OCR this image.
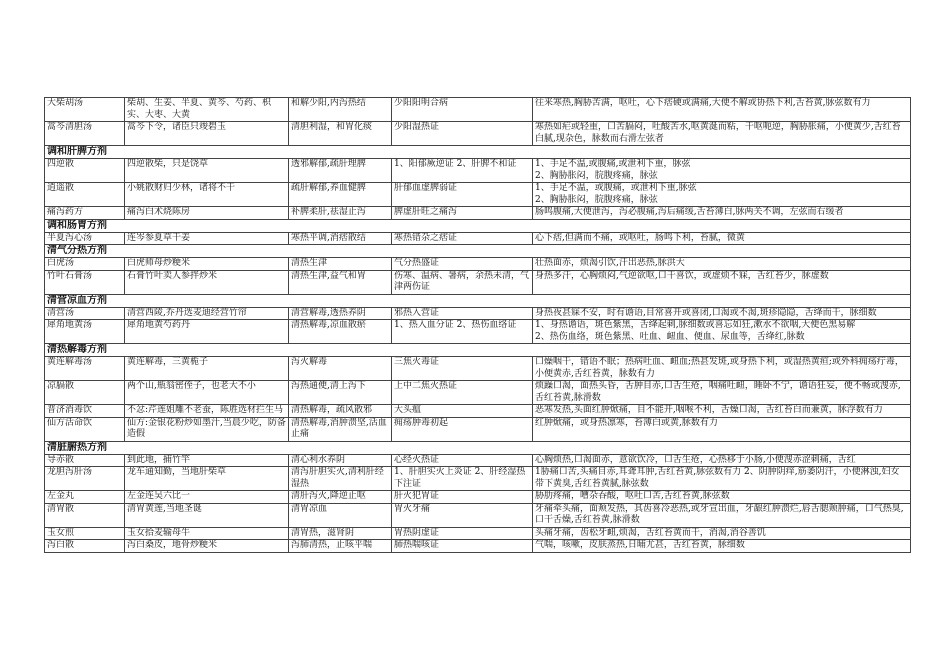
大柴胡汤	柴胡、生姜、半夏、黄芩、芍药、枳实、大枣、大黄	和解少阳,内泻热结	少阳阳明合病	往来寒热,胸胁苦满，呕吐，心下痞硬或满痛,大便不解或协热下利,舌苔黄,脉弦数有力
蒿芩清胆汤	蒿芩下令，诸臣只竣碧玉	清胆利湿，和胃化痰	少阳湿热证	寒热如疟或轻重，口苦膈闷，吐酸苦水,呕黄涎而粘，干呕呃逆，胸胁胀痛，小便黄少,舌红苔白腻,现杂色，脉数而右滑左弦者
调和肝脾方剂				
四逆散	四逆散柴，只是饶草	透邪解郁,疏肝理脾	1、阳郁厥逆证 2、肝脾不和证	1、手足不温,或腹痛,或泄利下重，脉弦
2、胸胁胀闷，脘腹疼痛，脉弦
逍遥散	小姚散财归少林，诸将不干	疏肝解郁,养血健脾	肝郁血虚脾弱证	1、手足不温，或腹痛，或泄利下重,脉弦
2、胸胁胀闷，脘腹疼痛，脉弦
痛泻药方	痛泻白术烧陈房	补脾柔肝,祛湿止泻	脾虚肝旺之痛泻	肠鸣腹痛,大便泄泻，泻必腹痛,泻后痛缓,舌苔薄白,脉两关不调，左弦而右缓者
调和肠胃方剂				
半夏泻心汤	连岑参夏草干姜	寒热平调,消痞散结	寒热错杂之痞证	心下痞,但满而不痛，或呕吐，肠鸣下利，苔腻，微黄
清气分热方剂				
白虎汤	白虎师母炒粳米	清热生津	气分热盛证	壮热面赤，烦渴引饮,汗出恶热,脉洪大
竹叶石膏汤	石膏竹叶卖人参拌炒米	清热生津,益气和胃	伤寒、温病、暑病，余热未清，气津两伤证	身热多汗，心胸烦闷,气逆欲呕,口干喜饮，或虚烦不寐，舌红苔少，脉虚数
清营凉血方剂				
清营汤	清营西陵,乔丹选麦迪经营竹帘	清营解毒,透热养阴	邪热入营证	身热夜甚寐不安，时有谵语,目常喜开或喜闭,口渴或不渴,斑疹隐隐，舌绛而干，脉细数
犀角地黄汤	犀角地黄芍药丹	清热解毒,凉血散瘀	1、热入血分证 2、热伤血络证	1、身热谵语，斑色紫黑，舌绛起刺,脉细数或喜忘如狂,漱水不欲咽,大便色黑易解
2、热伤血络，斑色紫黑、吐血、衄血、便血、尿血等，舌绛红,脉数
清热解毒方剂				
黄连解毒汤	黄连解毒，三黄栀子	泻火解毒	三焦火毒证	口燥咽干，错语不眠；热病吐血、衄血;热甚发斑,或身热下利，或湿热黄疸;或外科痈疡疔毒，小便黄赤,舌红苔黄，脉数有力
凉膈散	两个山,瓶翁密侄子，也老大不小	泻热通便,清上泻下	上中二焦火热证	烦躁口渴，面热头昏，舌肿目赤,口舌生疮，咽痛吐衄，睡卧不宁，谵语狂妄，便不畅或溲赤,舌红苔黄,脉滑数
普济消毒饮	不忿:芹莲姐雕不老蚕，陈胜选材拦生马	清热解毒，疏风散邪	大头瘟	恶寒发热,头面红肿焮痛，目不能开,咽喉不利，舌燥口渴，舌红苔白而兼黄，脉浮数有力
仙方活命饮	仙方:金银花粉炒如墨汁,当晨少吃，防备造假	清热解毒,消肿溃坚,活血止痛	痈疡肿毒初起	红肿焮痛，或身热凛寒，苔薄白或黄,脉数有力
清脏腑热方剂				
导赤散	到此地，捕竹竿	清心利水养阴	心经火热证	心胸烦热,口渴面赤，意欲饮冷，口舌生疮，心热移于小肠,小便溲赤涩刺痛，舌红
龙胆泻肝汤	龙车通知勤，当地肝柴草	清泻肝胆实火,清利肝经湿热	1、肝胆实火上炎证 2、肝经湿热下注证	1胁痛口苦,头痛目赤,耳聋耳肿,舌红苔黄,脉弦数有力 2、阴肿阴痒,筋萎阴汗，小便淋浊,妇女带下黄臭,舌红苔黄腻,脉弦数
左金丸	左金连吴六比一	清肝泻火,降逆止呕	肝火犯胃证	胁肋疼痛，嘈杂吞酸，呕吐口苦,舌红苔黄,脉弦数
清胃散	清胃黄莲,当地圣诞	清胃凉血	胃火牙痛	牙痛牵头痛，面颊发热，其齿喜冷恶热,或牙宣出血，牙龈红肿溃烂,唇舌腮颊肿痛，口气热臭,口干舌燥,舌红苔黄,脉滑数
玉女煎	玉女拾麦输母牛	清胃热，滋肾阴	胃热阴虚证	头痛牙痛，齿松牙衄,烦渴，舌红苔黄而干，消渴,消谷善饥
泻白散	泻白桑皮，地骨炒粳米	泻肺清热，止咳平喘	肺热喘咳证	气喘，咳嗽，皮肤蒸热,日晡尤甚，舌红苔黄，脉细数
